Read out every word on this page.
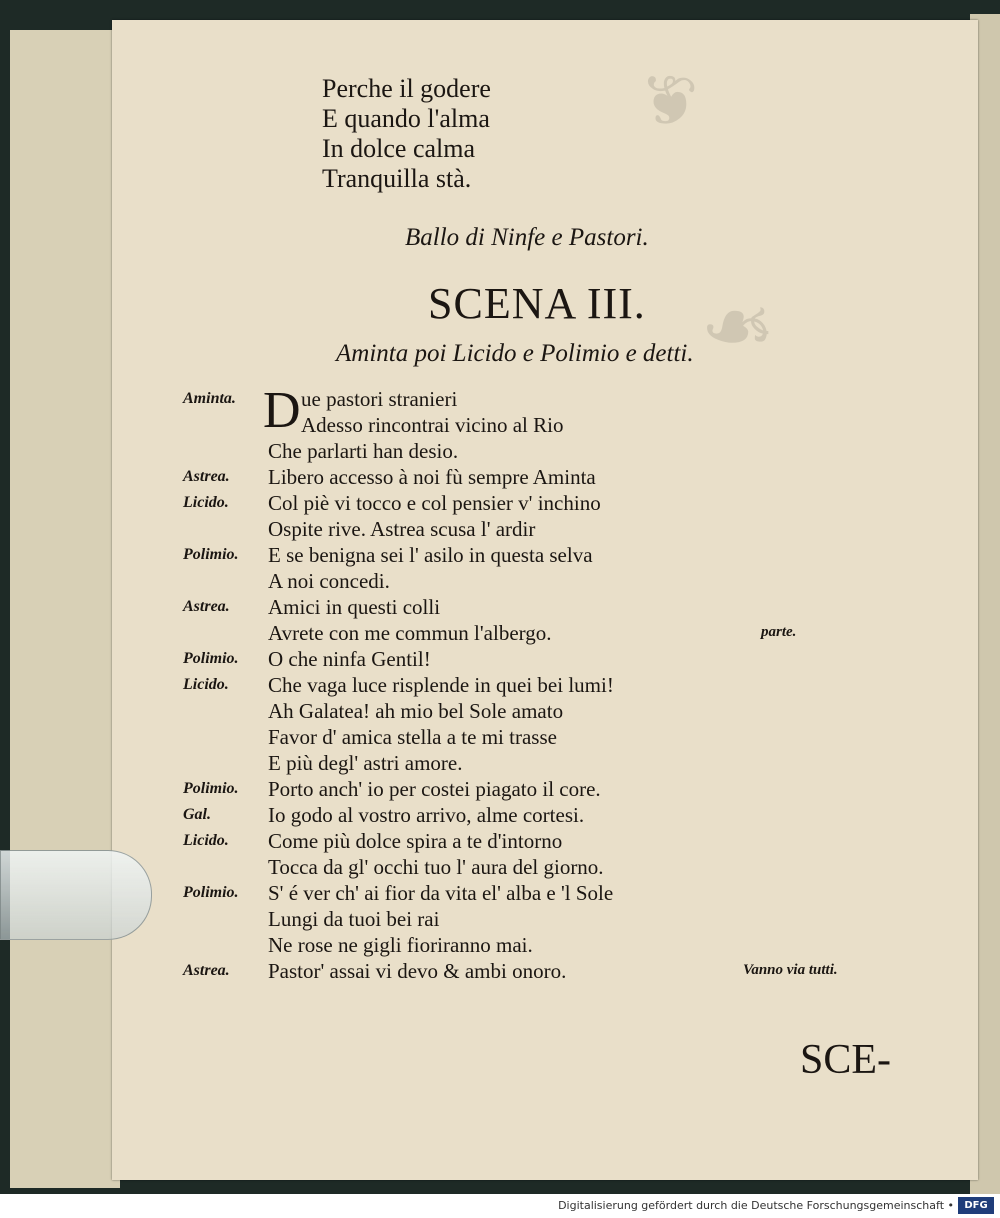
❦
❧
Perche il godere
E quando l'alma
In dolce calma
Tranquilla stà.
Ballo di Ninfe e Pastori.
SCENA III.
Aminta poi Licido e Polimio e detti.
Aminta. D ue pastori stranieri
Adesso rincontrai vicino al Rio
Che parlarti han desio.
Astrea.	Libero accesso à noi fù sempre Aminta
Licido.	Col piè vi tocco e col pensier v' inchino
Ospite rive. Astrea scusa l' ardir
Polimio.	E se benigna sei l' asilo in questa selva
A noi concedi.
Astrea.	Amici in questi colli
Avrete con me commun l'albergo.	parte.
Polimio.	O che ninfa Gentil!
Licido.	Che vaga luce risplende in quei bei lumi!
Ah Galatea! ah mio bel Sole amato
Favor d' amica stella a te mi trasse
E più degl' astri amore.
Polimio.	Porto anch' io per costei piagato il core.
Gal.	Io godo al vostro arrivo, alme cortesi.
Licido.	Come più dolce spira a te d'intorno
Tocca da gl' occhi tuo l' aura del giorno.
Polimio.	S' é ver ch' ai fior da vita el' alba e 'l Sole
Lungi da tuoi bei rai
Ne rose ne gigli fioriranno mai.
Astrea.	Pastor' assai vi devo & ambi onoro.	Vanno via tutti.
SCE-
Digitalisierung gefördert durch die Deutsche Forschungsgemeinschaft •	DFG
